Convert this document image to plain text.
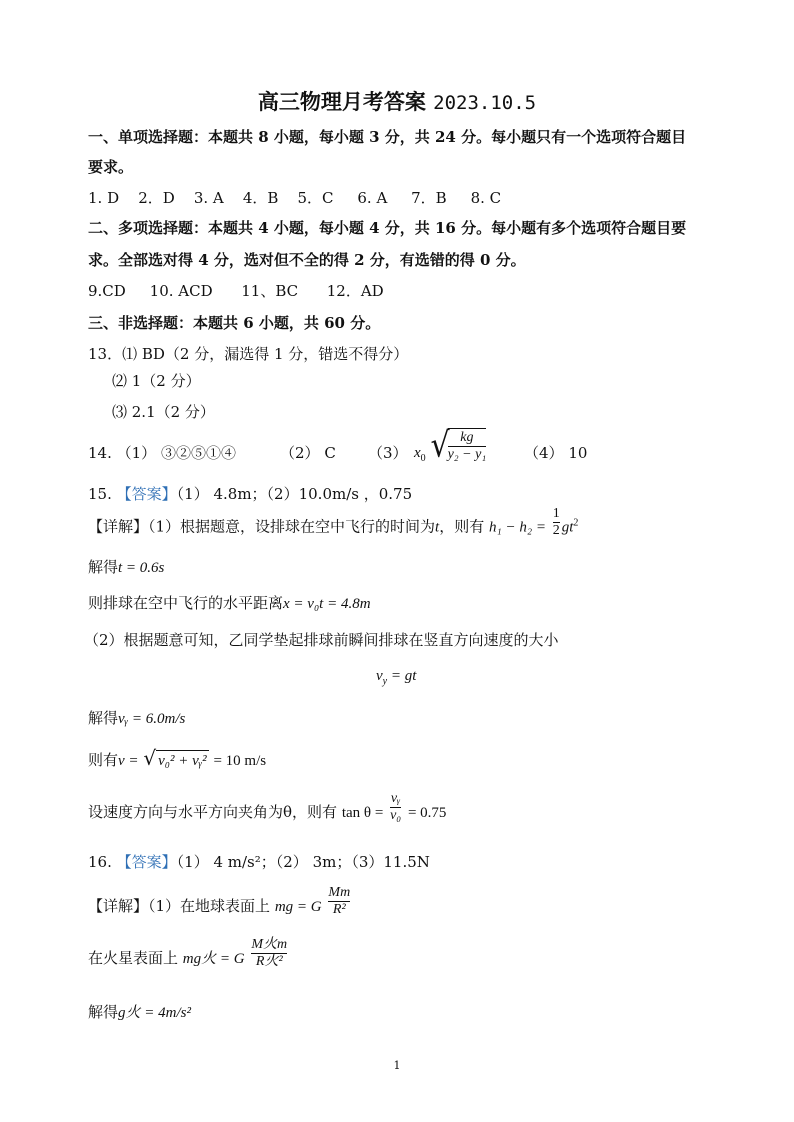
高三物理月考答案 2023.10.5
一、单项选择题：本题共 8 小题，每小题 3 分，共 24 分。每小题只有一个选项符合题目
要求。
1. D 2．D 3. A 4．B 5．C 6. A 7．B 8. C
二、多项选择题：本题共 4 小题，每小题 4 分，共 16 分。每小题有多个选项符合题目要
求。全部选对得 4 分，选对但不全的得 2 分，有选错的得 0 分。
9.CD 10. ACD 11、BC 12．AD
三、非选择题：本题共 6 小题，共 60 分。
13．⑴ BD（2 分，漏选得 1 分，错选不得分）
⑵ 1（2 分）
⑶ 2.1（2 分）
14. （1） ③②⑤①④	（2） C （3） $x_0$ √
$\frac{kg}{\text{y₂ − y₁}}$	（4） 10
15. 【答案】（1） 4.8m；（2）10.0m/s ，0.75
【详解】（1）根据题意，设排球在空中飞行的时间为t，则有 $h_1 - h_2 = \frac{1}{2} gt^2$
解得t = 0.6s
则排球在空中飞行的水平距离x = v₀t = 4.8m
（2）根据题意可知，乙同学垫起排球前瞬间排球在竖直方向速度的大小
$v_y$ = gt
解得vᵧ = 6.0m/s
则有v = √ v₀² + vᵧ² = 10 m/s
设速度方向与水平方向夹角为θ，则有 $\tan \theta = \frac{\text{vᵧ}}{\text{v₀}} = 0.75$
16. 【答案】（1） 4 m/s²；（2） 3m；（3）11.5N
【详解】（1）在地球表面上 mg = G $\frac{Mm}{\text{R²}}$
在火星表面上 mg火 = G $\frac{\text{M火m}}{\text{R火²}}$
解得g火 = 4m/s²
1
